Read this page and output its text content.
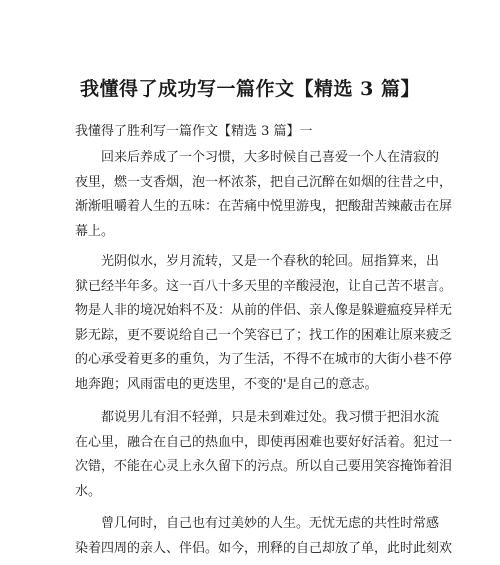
我懂得了成功写一篇作文【精选 3 篇】
我懂得了胜利写一篇作文【精选 3 篇】一
回来后养成了一个习惯，大多时候自己喜爱一个人在清寂的
夜里，燃一支香烟，泡一杯浓茶，把自己沉醉在如烟的往昔之中，
渐渐咀嚼着人生的五味：在苦痛中悦里游曳，把酸甜苦辣蔽击在屏
幕上。
光阴似水，岁月流转，又是一个春秋的轮回。屈指算来，出
狱已经半年多。这一百八十多天里的辛酸浸泡，让自己苦不堪言。
物是人非的境况始料不及：从前的伴侣、亲人像是躲避瘟疫异样无
影无踪，更不要说给自己一个笑容已了；找工作的困难让原来疲乏
的心承受着更多的重负，为了生活，不得不在城市的大街小巷不停
地奔跑；风雨雷电的更迭里，不变的'是自己的意志。
都说男儿有泪不轻弹，只是未到难过处。我习惯于把泪水流
在心里，融合在自己的热血中，即使再困难也要好好活着。犯过一
次错，不能在心灵上永久留下的污点。所以自己要用笑容掩饰着泪
水。
曾几何时，自己也有过美妙的人生。无忧无虑的共性时常感
染着四周的亲人、伴侣。如今，刑释的自己却放了单，此时此刻欢
